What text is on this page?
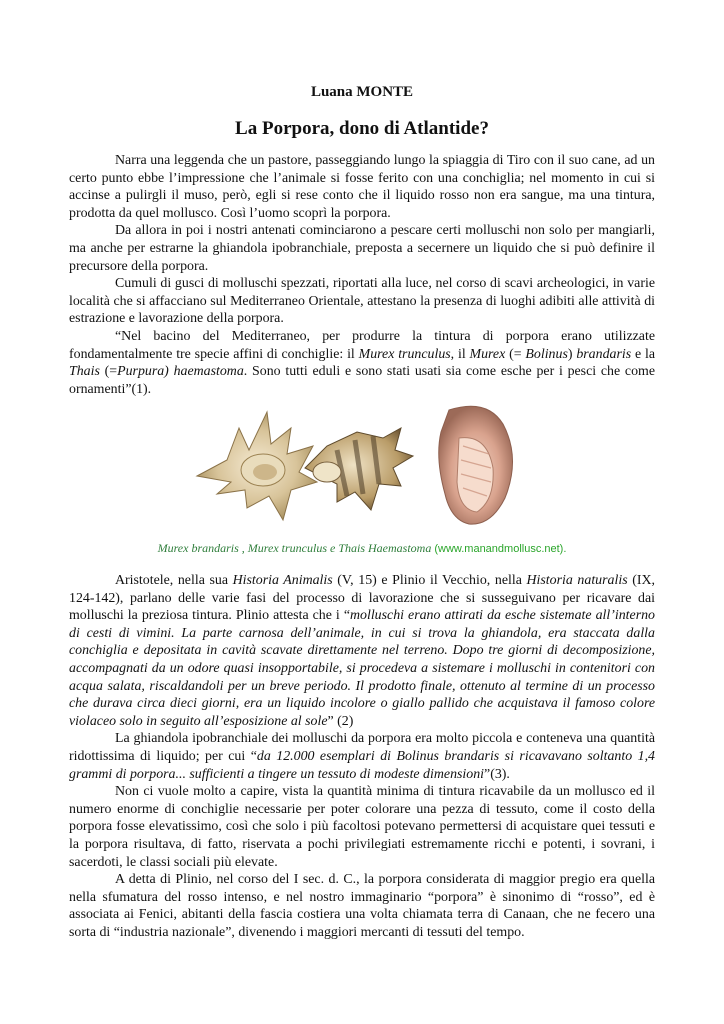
Luana MONTE
La Porpora, dono di Atlantide?

Narra una leggenda che un pastore, passeggiando lungo la spiaggia di Tiro con il suo cane, ad un certo punto ebbe l’impressione che l’animale si fosse ferito con una conchiglia; nel momento in cui si accinse a pulirgli il muso, però, egli si rese conto che il liquido rosso non era sangue, ma una tintura, prodotta da quel mollusco. Così l’uomo scoprì la porpora.

Da allora in poi i nostri antenati cominciarono a pescare certi molluschi non solo per mangiarli, ma anche per estrarne la ghiandola ipobranchiale, preposta a secernere un liquido che si può definire il precursore della porpora.

Cumuli di gusci di molluschi spezzati, riportati alla luce, nel corso di scavi archeologici, in varie località che si affacciano sul Mediterraneo Orientale, attestano la presenza di luoghi adibiti alle attività di estrazione e lavorazione della porpora.

“Nel bacino del Mediterraneo, per produrre la tintura di porpora erano utilizzate fondamentalmente tre specie affini di conchiglie: il Murex trunculus, il Murex (= Bolinus) brandaris e la Thais (=Purpura) haemastoma. Sono tutti eduli e sono stati usati sia come esche per i pesci che come ornamenti”(1).

Murex brandaris , Murex trunculus e Thais Haemastoma (www.manandmollusc.net).

Aristotele, nella sua Historia Animalis (V, 15) e Plinio il Vecchio, nella Historia naturalis (IX, 124-142), parlano delle varie fasi del processo di lavorazione che si susseguivano per ricavare dai molluschi la preziosa tintura. Plinio attesta che i “molluschi erano attirati da esche sistemate all’interno di cesti di vimini. La parte carnosa dell’animale, in cui si trova la ghiandola, era staccata dalla conchiglia e depositata in cavità scavate direttamente nel terreno. Dopo tre giorni di decomposizione, accompagnati da un odore quasi insopportabile, si procedeva a sistemare i molluschi in contenitori con acqua salata, riscaldandoli per un breve periodo. Il prodotto finale, ottenuto al termine di un processo che durava circa dieci giorni, era un liquido incolore o giallo pallido che acquistava il famoso colore violaceo solo in seguito all’esposizione al sole” (2)

La ghiandola ipobranchiale dei molluschi da porpora era molto piccola e conteneva una quantità ridottissima di liquido; per cui “da 12.000 esemplari di Bolinus brandaris si ricavavano soltanto 1,4 grammi di porpora... sufficienti a tingere un tessuto di modeste dimensioni”(3).

Non ci vuole molto a capire, vista la quantità minima di tintura ricavabile da un mollusco ed il numero enorme di conchiglie necessarie per poter colorare una pezza di tessuto, come il costo della porpora fosse elevatissimo, così che solo i più facoltosi potevano permettersi di acquistare quei tessuti e la porpora risultava, di fatto, riservata a pochi privilegiati estremamente ricchi e potenti, i sovrani, i sacerdoti, le classi sociali più elevate.

A detta di Plinio, nel corso del I sec. d. C., la porpora considerata di maggior pregio era quella nella sfumatura del rosso intenso, e nel nostro immaginario “porpora” è sinonimo di “rosso”, ed è associata ai Fenici, abitanti della fascia costiera una volta chiamata terra di Canaan, che ne fecero una sorta di “industria nazionale”, divenendo i maggiori mercanti di tessuti del tempo.
